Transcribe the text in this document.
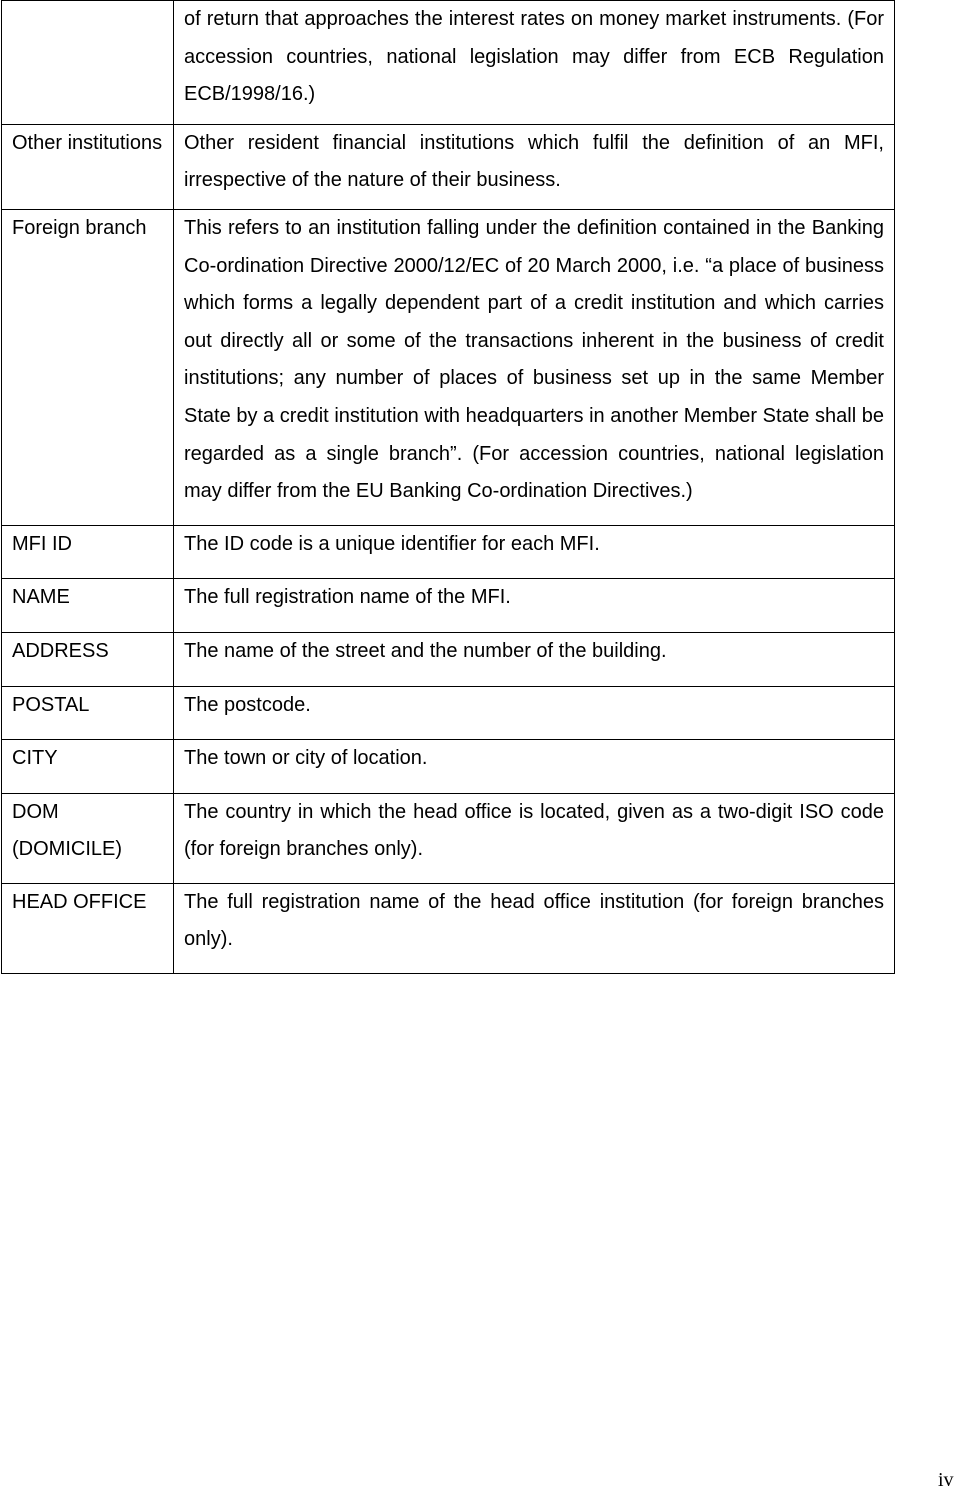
	of return that approaches the interest rates on money market instruments. (For accession countries, national legislation may differ from ECB Regulation ECB/1998/16.)

Other institutions	Other resident financial institutions which fulfil the definition of an MFI, irrespective of the nature of their business.

Foreign branch	This refers to an institution falling under the definition contained in the Banking Co-ordination Directive 2000/12/EC of 20 March 2000, i.e. “a place of business which forms a legally dependent part of a credit institution and which carries out directly all or some of the transactions inherent in the business of credit institutions; any number of places of business set up in the same Member State by a credit institution with headquarters in another Member State shall be regarded as a single branch”. (For accession countries, national legislation may differ from the EU Banking Co-ordination Directives.)

MFI ID	The ID code is a unique identifier for each MFI.

NAME	The full registration name of the MFI.

ADDRESS	The name of the street and the number of the building.

POSTAL	The postcode.

CITY	The town or city of location.

DOM (DOMICILE)	The country in which the head office is located, given as a two-digit ISO code (for foreign branches only).

HEAD OFFICE	The full registration name of the head office institution (for foreign branches only).
iv
